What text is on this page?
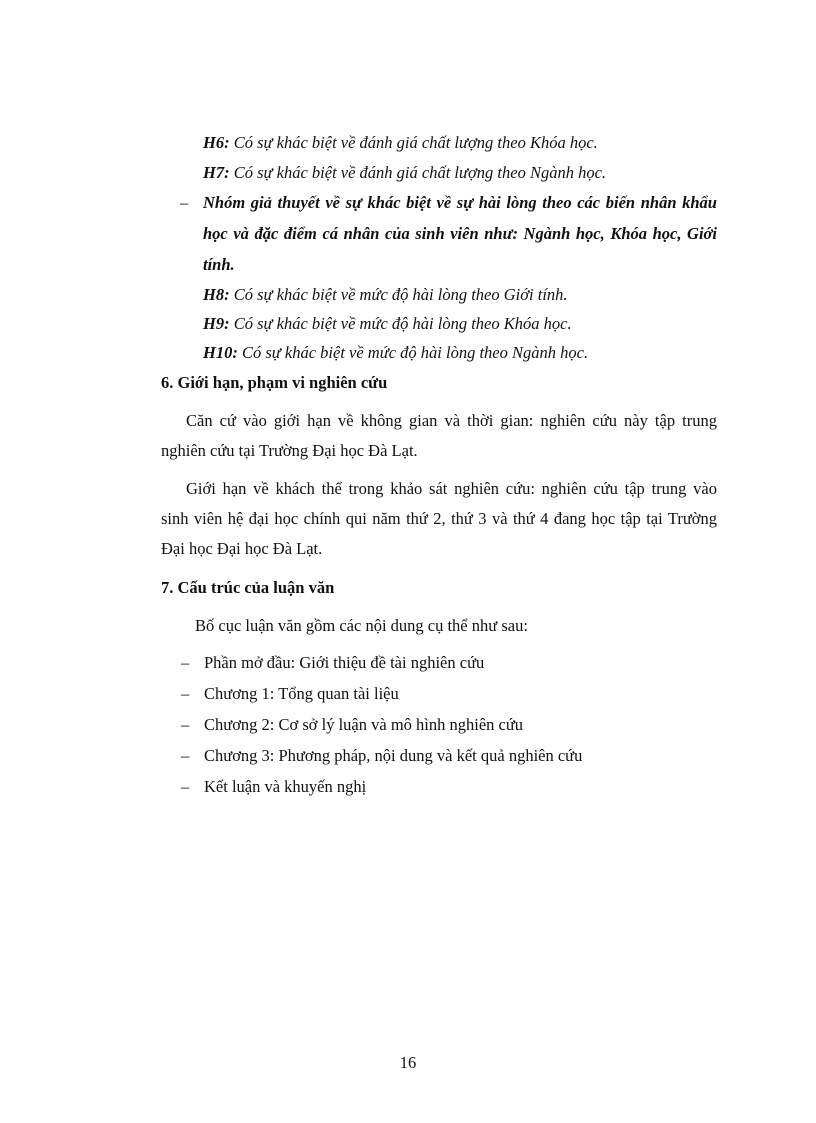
H6: Có sự khác biệt về đánh giá chất lượng theo Khóa học.
H7: Có sự khác biệt về đánh giá chất lượng theo Ngành học.
– Nhóm giả thuyết về sự khác biệt về sự hài lòng theo các biến nhân khẩu
học và đặc điểm cá nhân của sinh viên như: Ngành học, Khóa học, Giới
tính.
H8: Có sự khác biệt về mức độ hài lòng theo Giới tính.
H9: Có sự khác biệt về mức độ hài lòng theo Khóa học.
H10: Có sự khác biệt về mức độ hài lòng theo Ngành học.
6. Giới hạn, phạm vi nghiên cứu
Căn cứ vào giới hạn về không gian và thời gian: nghiên cứu này tập trung
nghiên cứu tại Trường Đại học Đà Lạt.
Giới hạn về khách thể trong khảo sát nghiên cứu: nghiên cứu tập trung vào
sinh viên hệ đại học chính qui năm thứ 2, thứ 3 và thứ 4 đang học tập tại Trường
Đại học Đại học Đà Lạt.
7. Cấu trúc của luận văn
Bố cục luận văn gồm các nội dung cụ thể như sau:
– Phần mở đầu: Giới thiệu đề tài nghiên cứu
– Chương 1: Tổng quan tài liệu
– Chương 2: Cơ sở lý luận và mô hình nghiên cứu
– Chương 3: Phương pháp, nội dung và kết quả nghiên cứu
– Kết luận và khuyến nghị
16
